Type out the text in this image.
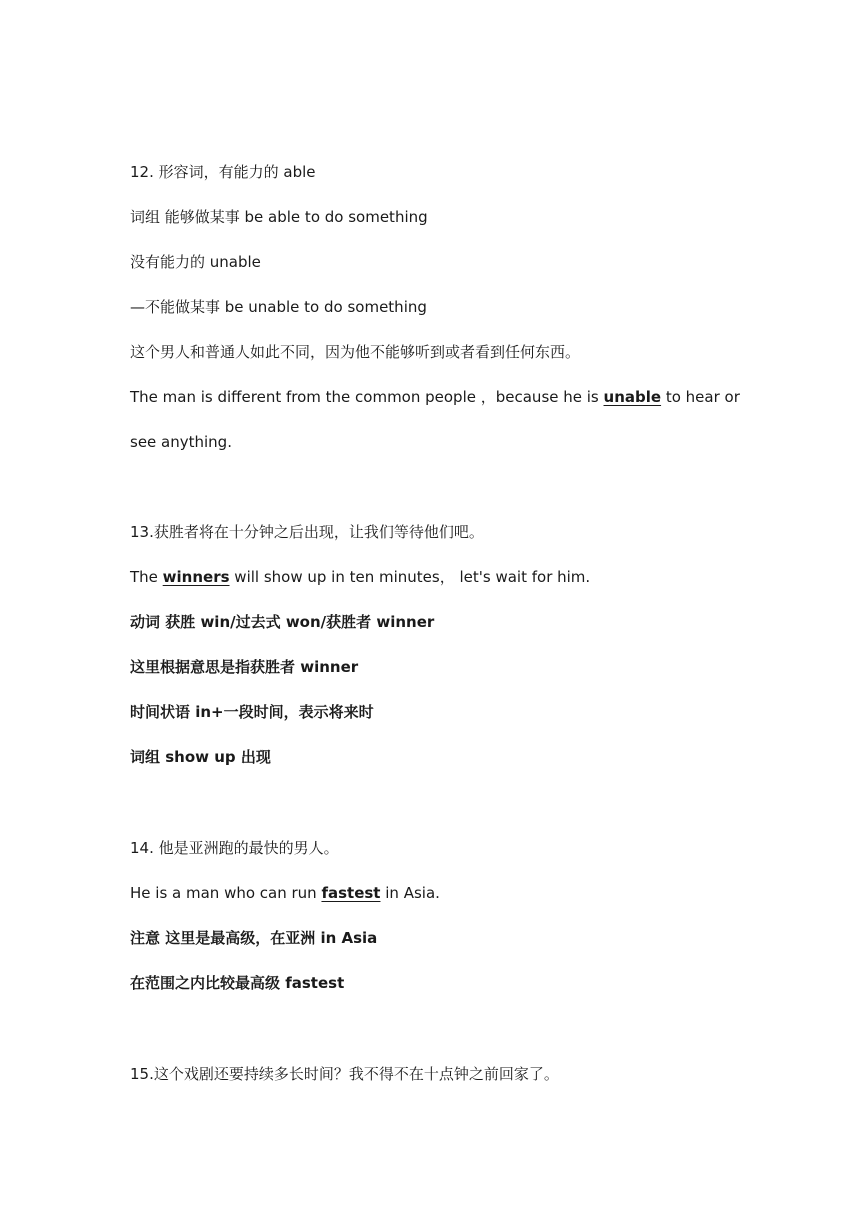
12. 形容词，有能力的 able
词组 能够做某事 be able to do something
没有能力的 unable
—不能做某事 be unable to do something
这个男人和普通人如此不同，因为他不能够听到或者看到任何东西。
The man is different from the common people ，because he is unable to hear or
see anything.
13.获胜者将在十分钟之后出现，让我们等待他们吧。
The winners will show up in ten minutes， let's wait for him.
动词 获胜 win/过去式 won/获胜者 winner
这里根据意思是指获胜者 winner
时间状语 in+一段时间，表示将来时
词组 show up 出现
14. 他是亚洲跑的最快的男人。
He is a man who can run fastest in Asia.
注意 这里是最高级，在亚洲 in Asia
在范围之内比较最高级 fastest
15.这个戏剧还要持续多长时间？我不得不在十点钟之前回家了。
